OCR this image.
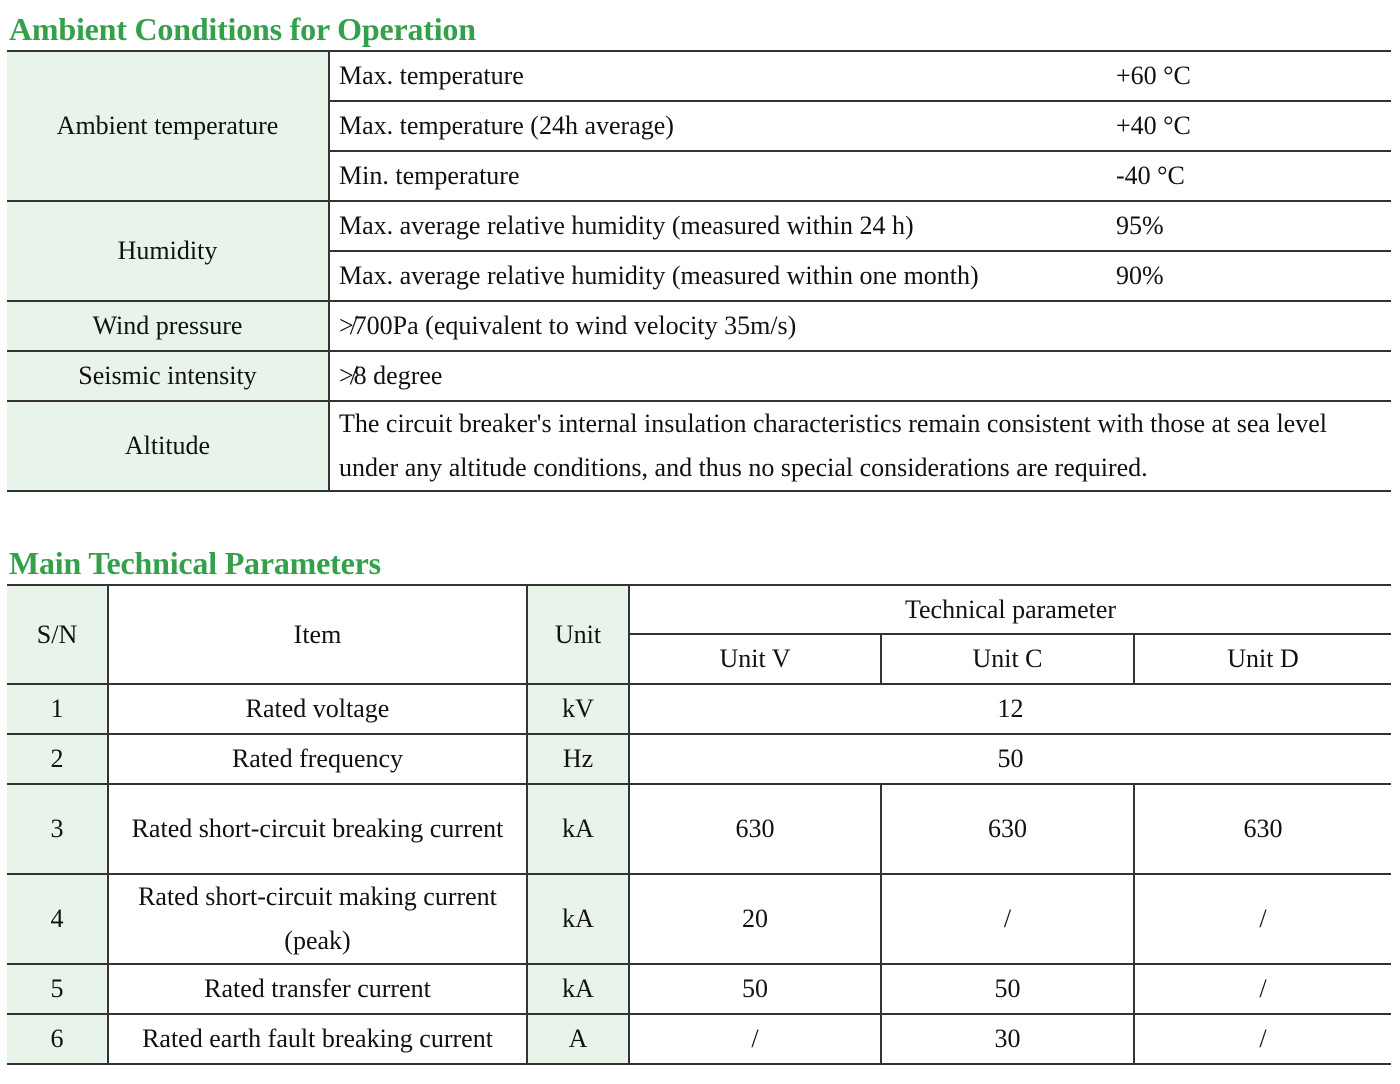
Ambient Conditions for Operation
Ambient temperature	Max. temperature	+60 °C
	Max. temperature (24h average)	+40 °C
	Min. temperature	-40 °C
Humidity	Max. average relative humidity (measured within 24 h)	95%
	Max. average relative humidity (measured within one month)	90%
Wind pressure	≯700Pa (equivalent to wind velocity 35m/s)	
Seismic intensity	≯8 degree	
Altitude	The circuit breaker's internal insulation characteristics remain consistent with those at sea level under any altitude conditions, and thus no special considerations are required.	
Main Technical Parameters
S/N	Item	Unit	Technical parameter		
			Unit V	Unit C	Unit D
1	Rated voltage	kV	12		
2	Rated frequency	Hz	50		
3	Rated short-circuit breaking current	kA	630	630	630
4	Rated short-circuit making current (peak)	kA	20	/	/
5	Rated transfer current	kA	50	50	/
6	Rated earth fault breaking current	A	/	30	/
